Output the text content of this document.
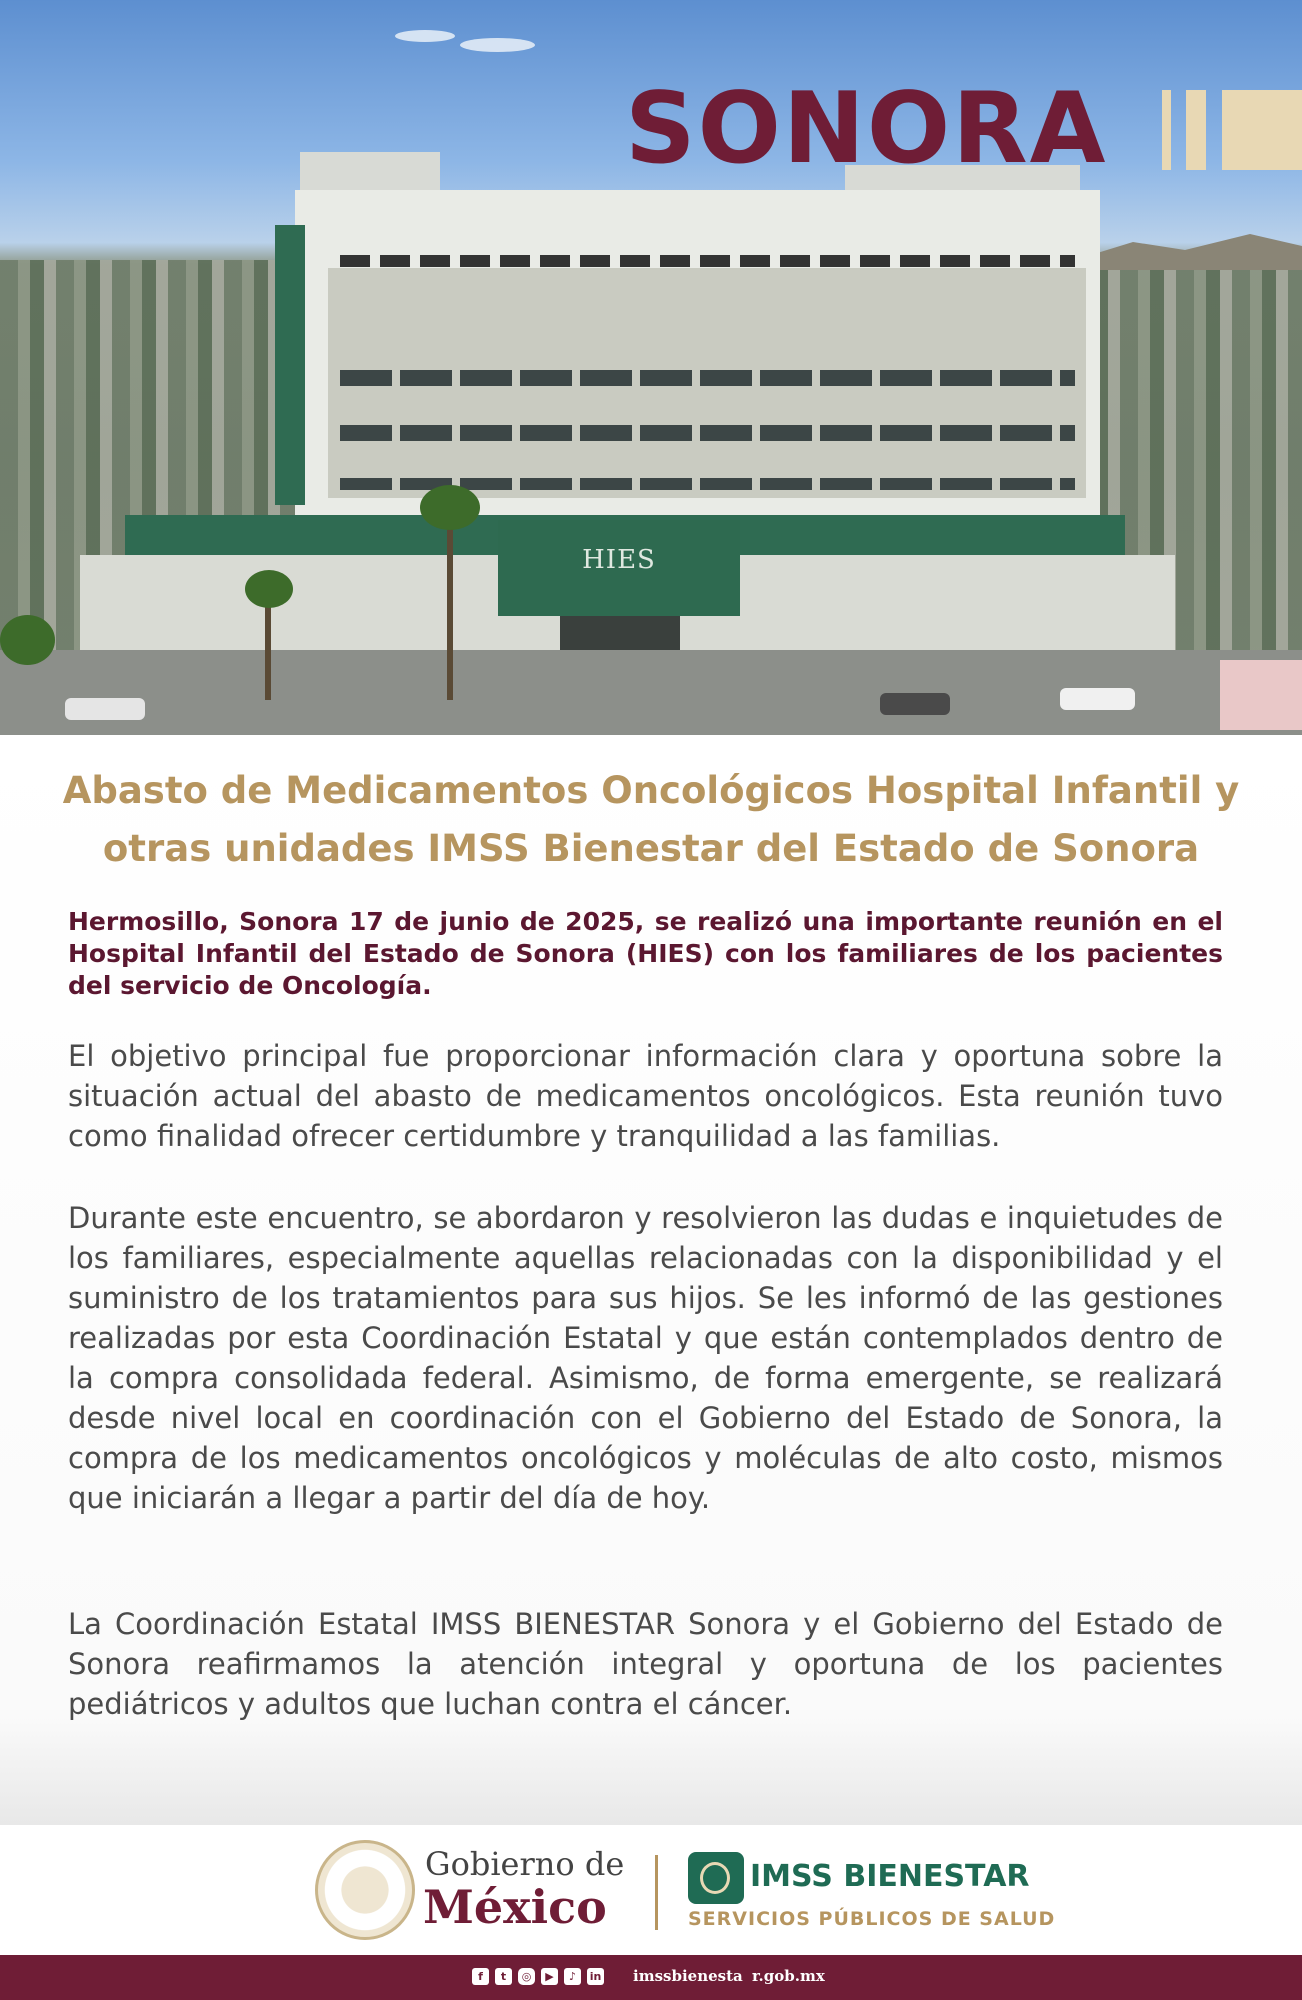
HIES
SONORA
Abasto de Medicamentos Oncológicos Hospital Infantil y otras unidades IMSS Bienestar del Estado de Sonora
Hermosillo, Sonora 17 de junio de 2025, se realizó una importante reunión en el Hospital Infantil del Estado de Sonora (HIES) con los familiares de los pacientes del servicio de Oncología.
El objetivo principal fue proporcionar información clara y oportuna sobre la situación actual del abasto de medicamentos oncológicos. Esta reunión tuvo como finalidad ofrecer certidumbre y tranquilidad a las familias.
Durante este encuentro, se abordaron y resolvieron las dudas e inquietudes de los familiares, especialmente aquellas relacionadas con la disponibilidad y el suministro de los tratamientos para sus hijos. Se les informó de las gestiones realizadas por esta Coordinación Estatal y que están contemplados dentro de la compra consolidada federal. Asimismo, de forma emergente, se realizará desde nivel local en coordinación con el Gobierno del Estado de Sonora, la compra de los medicamentos oncológicos y moléculas de alto costo, mismos que iniciarán a llegar a partir del día de hoy.
La Coordinación Estatal IMSS BIENESTAR Sonora y el Gobierno del Estado de Sonora reafirmamos la atención integral y oportuna de los pacientes pediátricos y adultos que luchan contra el cáncer.
Gobierno de
México
IMSS BIENESTAR
SERVICIOS PÚBLICOS DE SALUD
f	t	◎	▶	♪	in imssbienesta r.gob.mx
